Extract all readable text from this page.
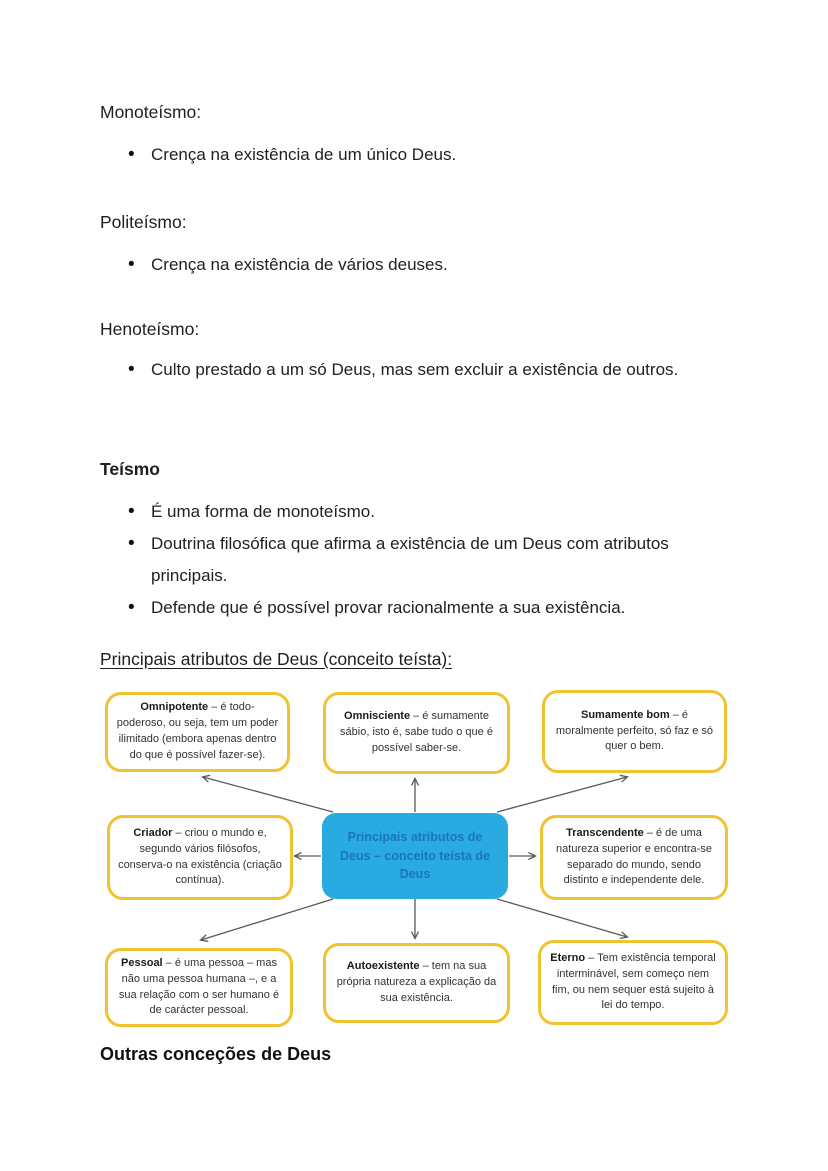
Monoteísmo:

• Crença na existência de um único Deus.

Politeísmo:

• Crença na existência de vários deuses.

Henoteísmo:

• Culto prestado a um só Deus, mas sem excluir a existência de outros.

Teísmo

• É uma forma de monoteísmo.
• Doutrina filosófica que afirma a existência de um Deus com atributos principais.
• Defende que é possível provar racionalmente a sua existência.

Principais atributos de Deus (conceito teísta):

Omnipotente – é todo-poderoso, ou seja, tem um poder ilimitado (embora apenas dentro do que é possível fazer-se).

Omnisciente – é sumamente sábio, isto é, sabe tudo o que é possível saber-se.

Sumamente bom – é moralmente perfeito, só faz e só quer o bem.

Criador – criou o mundo e, segundo vários filósofos, conserva-o na existência (criação contínua).

Principais atributos de Deus – conceito teísta de Deus

Transcendente – é de uma natureza superior e encontra-se separado do mundo, sendo distinto e independente dele.

Pessoal – é uma pessoa – mas não uma pessoa humana –, e a sua relação com o ser humano é de carácter pessoal.

Autoexistente – tem na sua própria natureza a explicação da sua existência.

Eterno – Tem existência temporal interminável, sem começo nem fim, ou nem sequer está sujeito à lei do tempo.

Outras conceções de Deus
